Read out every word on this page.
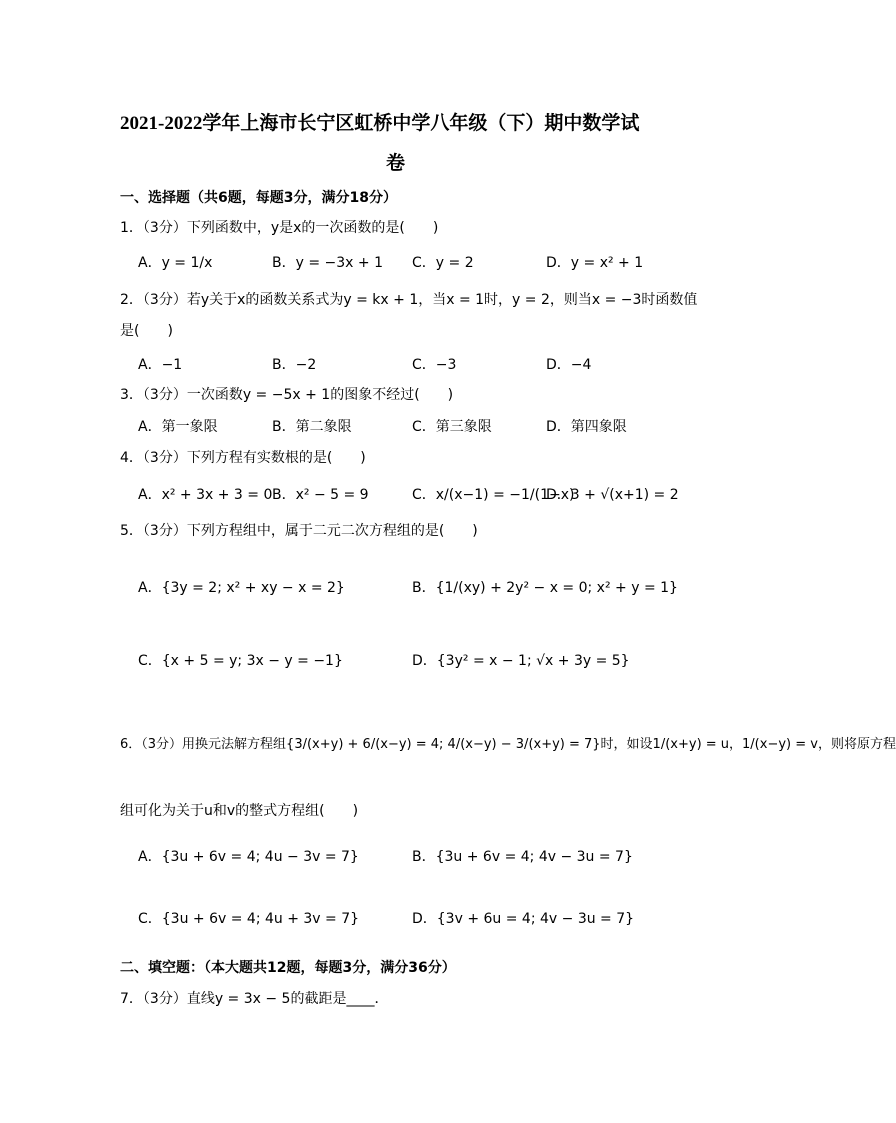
2021-2022学年上海市长宁区虹桥中学八年级（下）期中数学试
卷
一、选择题（共6题，每题3分，满分18分）
1．（3分）下列函数中，y是x的一次函数的是(　　)
A．y = 1/x	B．y = −3x + 1 C．y = 2	D．y = x² + 1
2．（3分）若y关于x的函数关系式为y = kx + 1，当x = 1时，y = 2，则当x = −3时函数值
是(　　)
A．−1	B．−2	C．−3	D．−4
3．（3分）一次函数y = −5x + 1的图象不经过(　　)
A．第一象限	B．第二象限	C．第三象限	D．第四象限
4．（3分）下列方程有实数根的是(　　)
A．x² + 3x + 3 = 0 B．x² − 5 = 9	C．x/(x−1) = −1/(1−x)
D．3 + √(x+1) = 2
5．（3分）下列方程组中，属于二元二次方程组的是(　　)
A．{3y = 2; x² + xy − x = 2}	B．{1/(xy) + 2y² − x = 0; x² + y = 1}
C．{x + 5 = y; 3x − y = −1}	D．{3y² = x − 1; √x + 3y = 5}
6．（3分）用换元法解方程组{3/(x+y) + 6/(x−y) = 4; 4/(x−y) − 3/(x+y) = 7}时，如设1/(x+y) = u，1/(x−y) = v，则将原方程
组可化为关于u和v的整式方程组(　　)
A．{3u + 6v = 4; 4u − 3v = 7}	B．{3u + 6v = 4; 4v − 3u = 7}
C．{3u + 6v = 4; 4u + 3v = 7}	D．{3v + 6u = 4; 4v − 3u = 7}
二、填空题：（本大题共12题，每题3分，满分36分）
7．（3分）直线y = 3x − 5的截距是____．
